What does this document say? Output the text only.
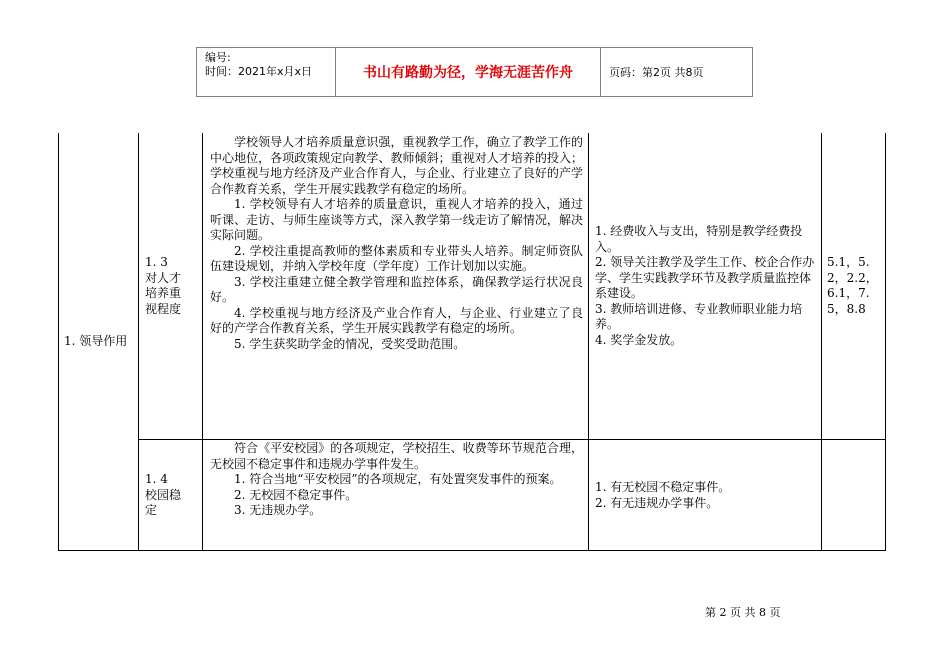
编号:
时间：2021年x月x日	书山有路勤为径，学海无涯苦作舟	页码：第2页 共8页
1. 领导作用
1. 3
对人才
培养重
视程度

学校领导人才培养质量意识强，重视教学工作，确立了教学工作的中心地位，各项政策规定向教学、教师倾斜；重视对人才培养的投入；学校重视与地方经济及产业合作育人，与企业、行业建立了良好的产学合作教育关系，学生开展实践教学有稳定的场所。

1. 学校领导有人才培养的质量意识，重视人才培养的投入，通过听课、走访、与师生座谈等方式，深入教学第一线走访了解情况，解决实际问题。

2. 学校注重提高教师的整体素质和专业带头人培养。制定师资队伍建设规划，并纳入学校年度（学年度）工作计划加以实施。

3. 学校注重建立健全教学管理和监控体系，确保教学运行状况良好。

4. 学校重视与地方经济及产业合作育人，与企业、行业建立了良好的产学合作教育关系，学生开展实践教学有稳定的场所。

5. 学生获奖助学金的情况，受奖受助范围。

1. 经费收入与支出，特别是教学经费投入。
2. 领导关注教学及学生工作、校企合作办学、学生实践教学环节及教学质量监控体系建设。
3. 教师培训进修、专业教师职业能力培养。
4. 奖学金发放。
5.1，5.2，2.2，6.1，7.5，8.8
1. 4
校园稳
定

符合《平安校园》的各项规定，学校招生、收费等环节规范合理，无校园不稳定事件和违规办学事件发生。

1. 符合当地“平安校园”的各项规定，有处置突发事件的预案。

2. 无校园不稳定事件。

3. 无违规办学。

1. 有无校园不稳定事件。
2. 有无违规办学事件。
第 2 页 共 8 页
